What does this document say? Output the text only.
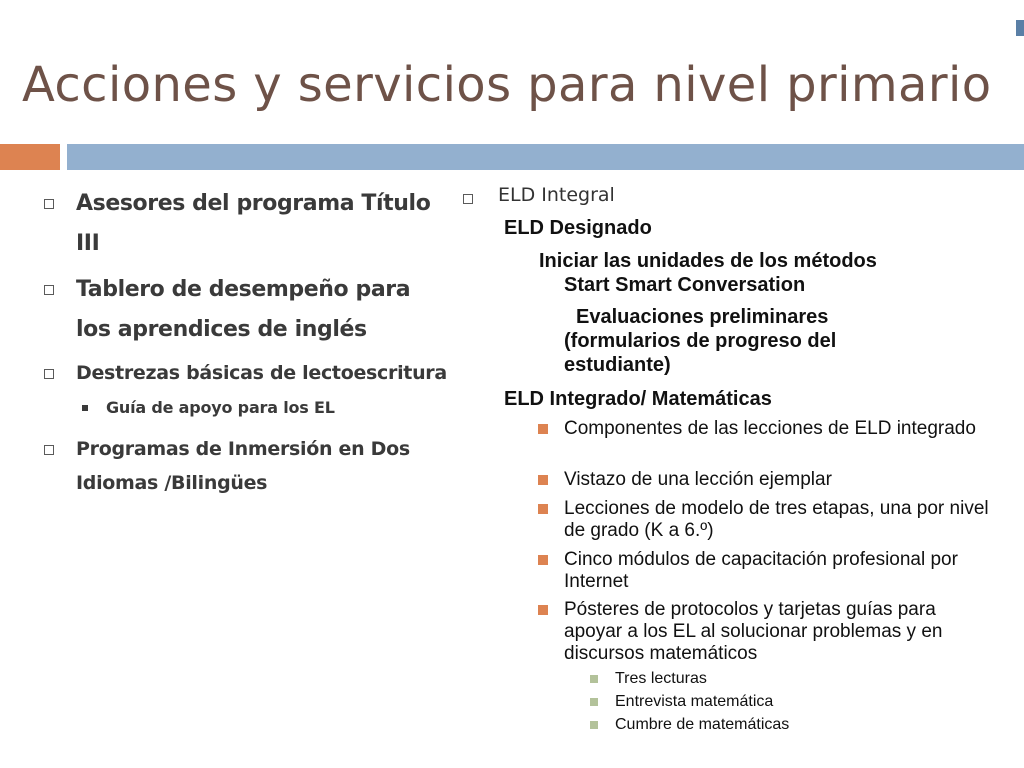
Acciones y servicios para nivel primario
Asesores del programa Título III
Tablero de desempeño para los aprendices de inglés
Destrezas básicas de lectoescritura
Guía de apoyo para los EL
Programas de Inmersión en Dos Idiomas /Bilingües
ELD Integral
ELD Designado
Iniciar las unidades de los métodos
Start Smart Conversation
Evaluaciones preliminares
(formularios de progreso del
estudiante)
ELD Integrado/ Matemáticas
Componentes de las lecciones de ELD integrado
Vistazo de una lección ejemplar
Lecciones de modelo de tres etapas, una por nivel de grado (K a 6.º)
Cinco módulos de capacitación profesional por Internet
Pósteres de protocolos y tarjetas guías para apoyar a los EL al solucionar problemas y en discursos matemáticos
Tres lecturas
Entrevista matemática
Cumbre de matemáticas
